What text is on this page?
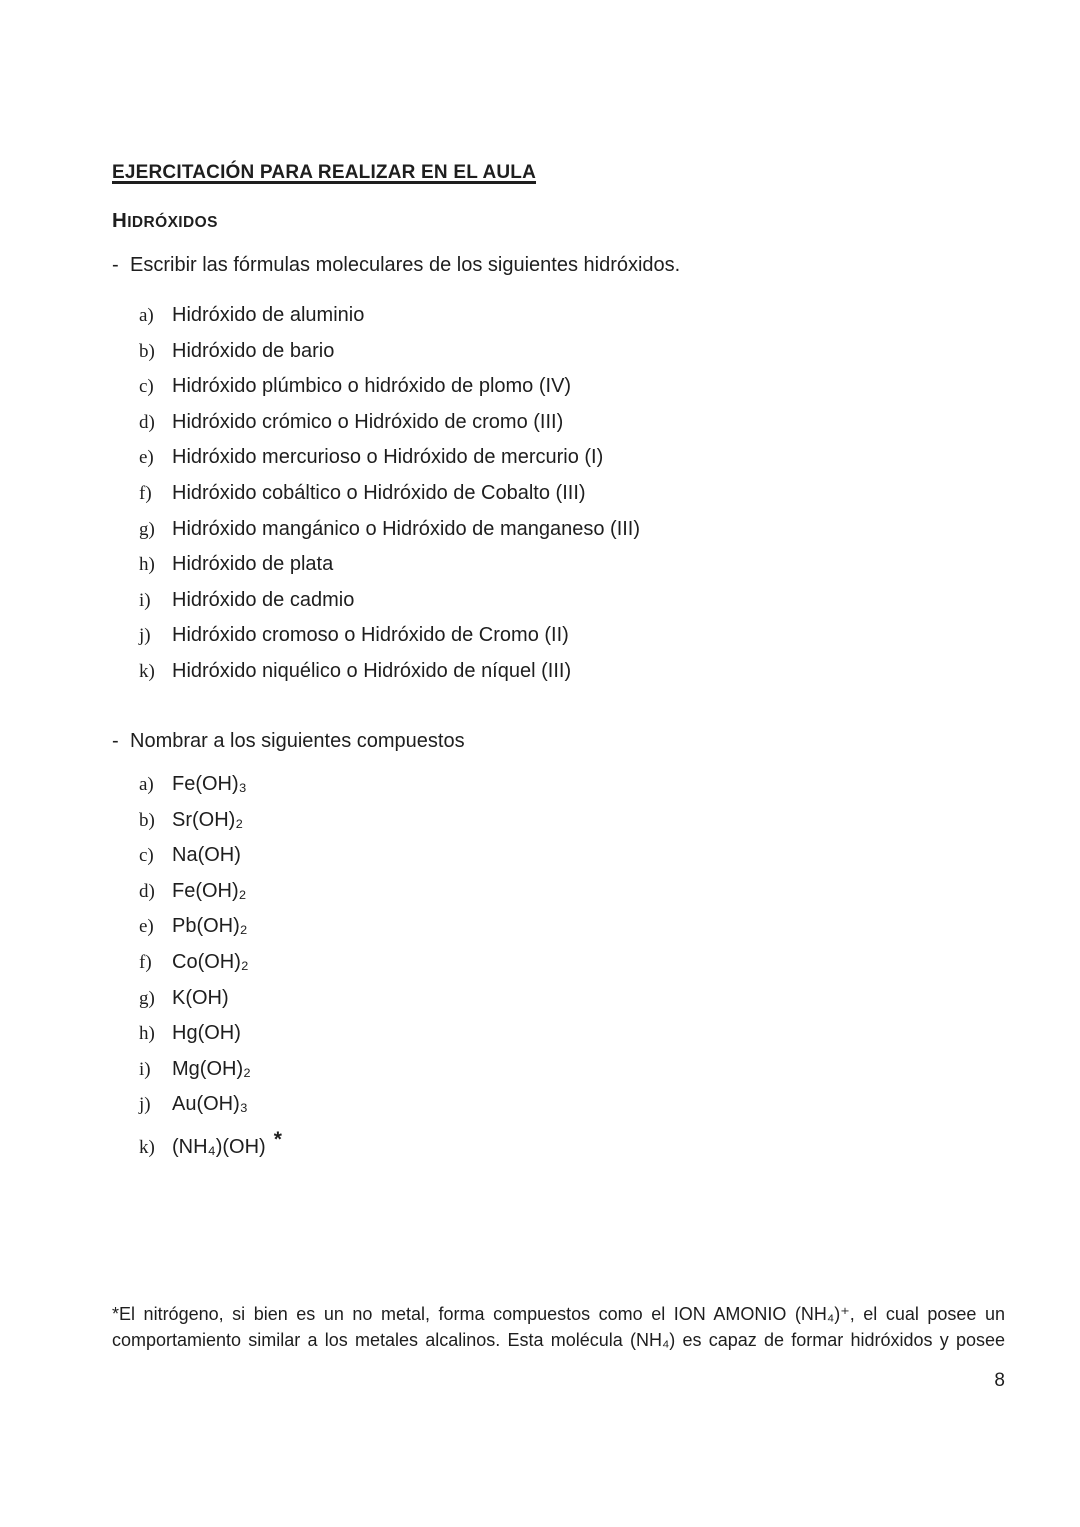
EJERCITACIÓN PARA REALIZAR EN EL AULA
HIDRÓXIDOS
- Escribir las fórmulas moleculares de los siguientes hidróxidos.
a) Hidróxido de aluminio
b) Hidróxido de bario
c) Hidróxido plúmbico o hidróxido de plomo (IV)
d) Hidróxido crómico o Hidróxido de cromo (III)
e) Hidróxido mercurioso o Hidróxido de mercurio (I)
f)	Hidróxido cobáltico o Hidróxido de Cobalto (III)
g) Hidróxido mangánico o Hidróxido de manganeso (III)
h) Hidróxido de plata
i)	Hidróxido de cadmio
j)	Hidróxido cromoso o Hidróxido de Cromo (II)
k) Hidróxido niquélico o Hidróxido de níquel (III)
- Nombrar a los siguientes compuestos
a) Fe(OH)₃
b) Sr(OH)₂
c) Na(OH)
d) Fe(OH)₂
e) Pb(OH)₂
f)	Co(OH)₂
g) K(OH)
h) Hg(OH)
i)	Mg(OH)₂
j)	Au(OH)₃
k) (NH₄)(OH) *
*El nitrógeno, si bien es un no metal, forma compuestos como el ION AMONIO (NH₄)⁺, el cual posee un comportamiento similar a los metales alcalinos. Esta molécula (NH₄) es capaz de formar hidróxidos y posee
8
